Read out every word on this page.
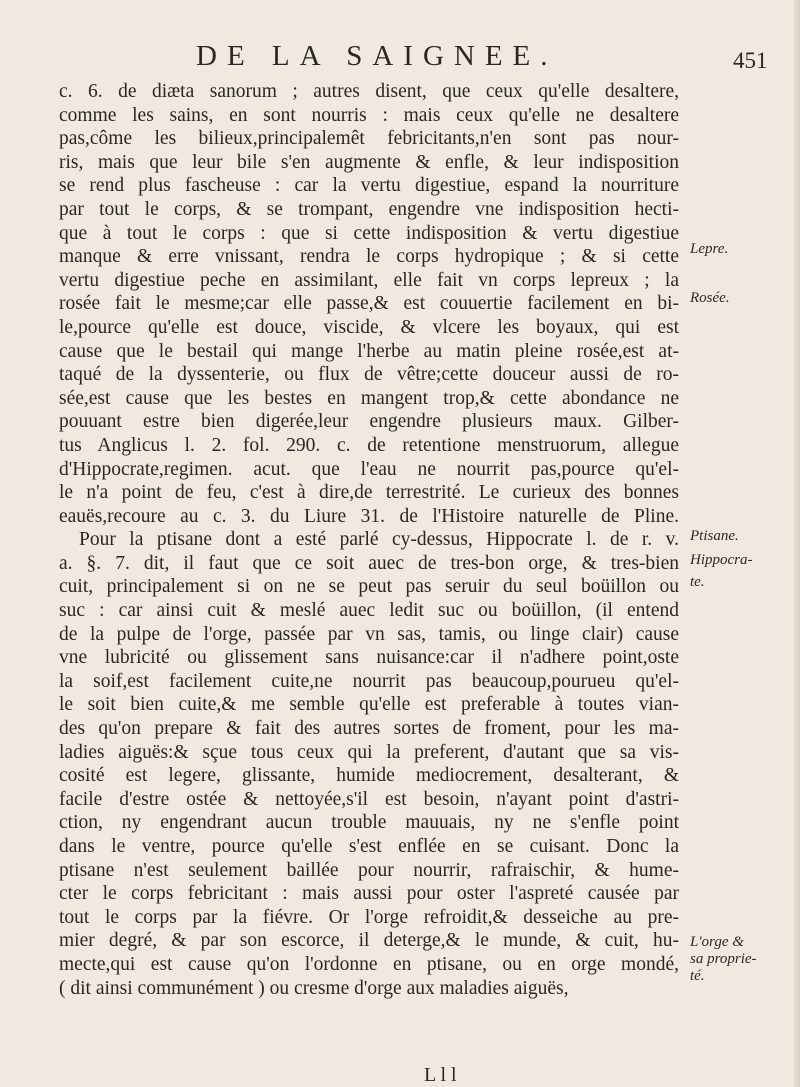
DE LA SAIGNEE.	451
c. 6. de diæta sanorum ; autres disent, que ceux qu'elle desaltere,
comme les sains, en sont nourris : mais ceux qu'elle ne desaltere
pas,côme les bilieux,principalemêt febricitants,n'en sont pas nour-
ris, mais que leur bile s'en augmente & enfle, & leur indisposition
se rend plus fascheuse : car la vertu digestiue, espand la nourriture
par tout le corps, & se trompant, engendre vne indisposition hecti-
que à tout le corps : que si cette indisposition & vertu digestiue
manque & erre vnissant, rendra le corps hydropique ; & si cette
vertu digestiue peche en assimilant, elle fait vn corps lepreux ; la
rosée fait le mesme;car elle passe,& est couuertie facilement en bi-
le,pource qu'elle est douce, viscide, & vlcere les boyaux, qui est
cause que le bestail qui mange l'herbe au matin pleine rosée,est at-
taqué de la dyssenterie, ou flux de vêtre;cette douceur aussi de ro-
sée,est cause que les bestes en mangent trop,& cette abondance ne
pouuant estre bien digerée,leur engendre plusieurs maux. Gilber-
tus Anglicus l. 2. fol. 290. c. de retentione menstruorum, allegue
d'Hippocrate,regimen. acut. que l'eau ne nourrit pas,pource qu'el-
le n'a point de feu, c'est à dire,de terrestrité. Le curieux des bonnes
eauës,recoure au c. 3. du Liure 31. de l'Histoire naturelle de Pline.
Pour la ptisane dont a esté parlé cy-dessus, Hippocrate l. de r. v.
a. §. 7. dit, il faut que ce soit auec de tres-bon orge, & tres-bien
cuit, principalement si on ne se peut pas seruir du seul boüillon ou
suc : car ainsi cuit & meslé auec ledit suc ou boüillon, (il entend
de la pulpe de l'orge, passée par vn sas, tamis, ou linge clair) cause
vne lubricité ou glissement sans nuisance:car il n'adhere point,oste
la soif,est facilement cuite,ne nourrit pas beaucoup,pourueu qu'el-
le soit bien cuite,& me semble qu'elle est preferable à toutes vian-
des qu'on prepare & fait des autres sortes de froment, pour les ma-
ladies aiguës:& sçue tous ceux qui la preferent, d'autant que sa vis-
cosité est legere, glissante, humide mediocrement, desalterant, &
facile d'estre ostée & nettoyée,s'il est besoin, n'ayant point d'astri-
ction, ny engendrant aucun trouble mauuais, ny ne s'enfle point
dans le ventre, pource qu'elle s'est enflée en se cuisant. Donc la
ptisane n'est seulement baillée pour nourrir, rafraischir, & hume-
cter le corps febricitant : mais aussi pour oster l'aspreté causée par
tout le corps par la fiévre. Or l'orge refroidit,& desseiche au pre-
mier degré, & par son escorce, il deterge,& le munde, & cuit, hu-
mecte,qui est cause qu'on l'ordonne en ptisane, ou en orge mondé,
( dit ainsi communément ) ou cresme d'orge aux maladies aiguës,
Lepre.
Rosée.
Ptisane.
Hippocra-
te.
L'orge &
sa proprie-
té.
L l l
